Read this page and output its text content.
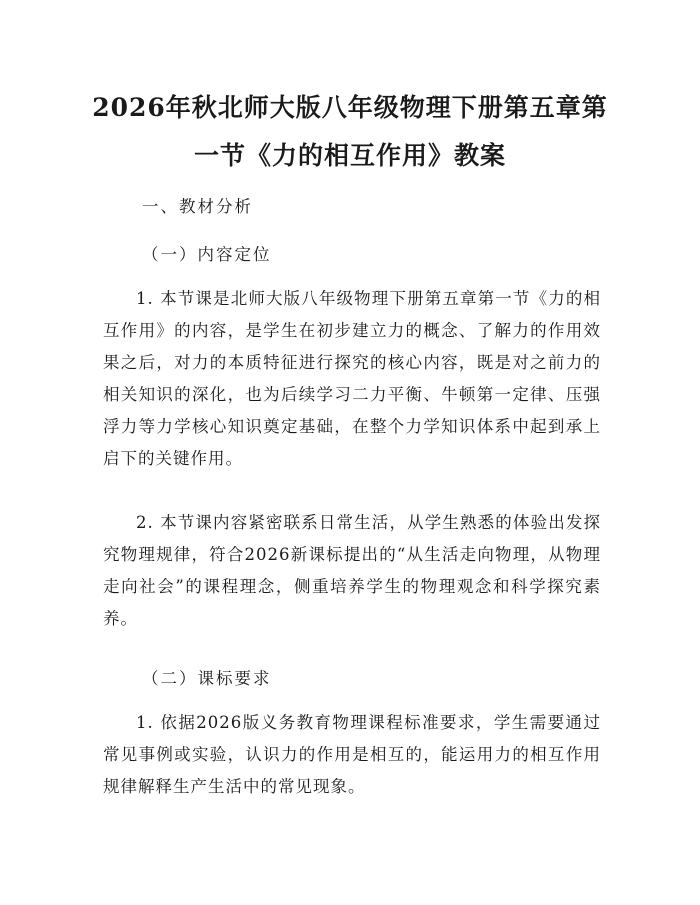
2026年秋北师大版八年级物理下册第五章第
一节《力的相互作用》教案

一、教材分析

（一）内容定位

1. 本节课是北师大版八年级物理下册第五章第一节《力的相互作用》的内容，是学生在初步建立力的概念、了解力的作用效果之后，对力的本质特征进行探究的核心内容，既是对之前力的相关知识的深化，也为后续学习二力平衡、牛顿第一定律、压强浮力等力学核心知识奠定基础，在整个力学知识体系中起到承上启下的关键作用。

2. 本节课内容紧密联系日常生活，从学生熟悉的体验出发探究物理规律，符合2026新课标提出的“从生活走向物理，从物理走向社会”的课程理念，侧重培养学生的物理观念和科学探究素养。

（二）课标要求

1. 依据2026版义务教育物理课程标准要求，学生需要通过常见事例或实验，认识力的作用是相互的，能运用力的相互作用规律解释生产生活中的常见现象。
